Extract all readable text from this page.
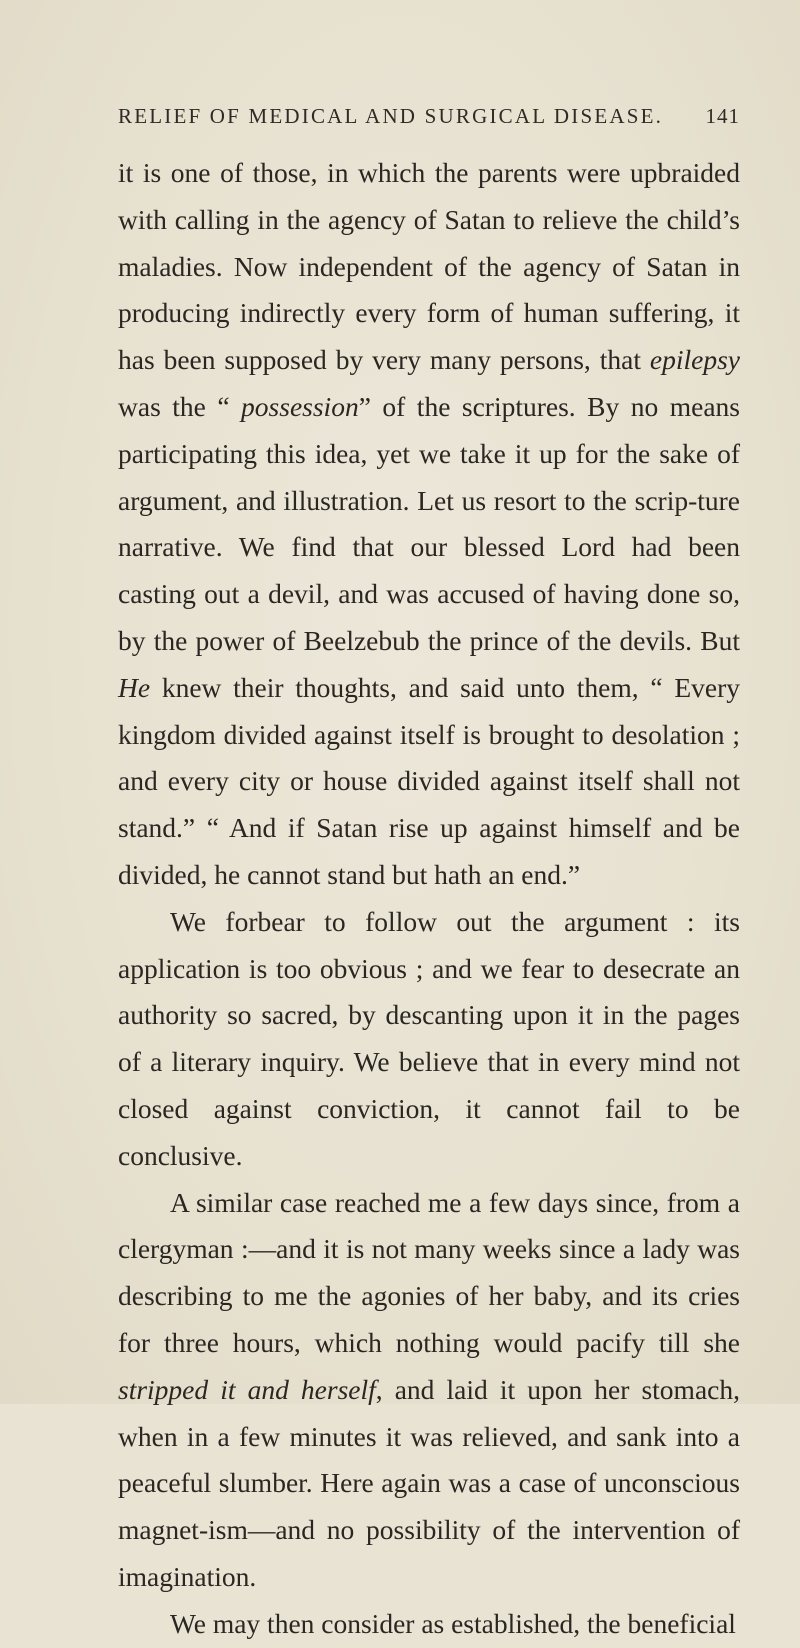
RELIEF OF MEDICAL AND SURGICAL DISEASE. 141

it is one of those, in which the parents were upbraided with calling in the agency of Satan to relieve the child’s maladies. Now independent of the agency of Satan in producing indirectly every form of human suffering, it has been supposed by very many persons, that epilepsy was the “ possession” of the scriptures. By no means participating this idea, yet we take it up for the sake of argument, and illustration. Let us resort to the scrip-ture narrative. We find that our blessed Lord had been casting out a devil, and was accused of having done so, by the power of Beelzebub the prince of the devils. But He knew their thoughts, and said unto them, “ Every kingdom divided against itself is brought to desolation ; and every city or house divided against itself shall not stand.” “ And if Satan rise up against himself and be divided, he cannot stand but hath an end.”

We forbear to follow out the argument : its application is too obvious ; and we fear to desecrate an authority so sacred, by descanting upon it in the pages of a literary inquiry. We believe that in every mind not closed against conviction, it cannot fail to be conclusive.

A similar case reached me a few days since, from a clergyman :—and it is not many weeks since a lady was describing to me the agonies of her baby, and its cries for three hours, which nothing would pacify till she stripped it and herself, and laid it upon her stomach, when in a few minutes it was relieved, and sank into a peaceful slumber. Here again was a case of unconscious magnet-ism—and no possibility of the intervention of imagination.

We may then consider as established, the beneficial
